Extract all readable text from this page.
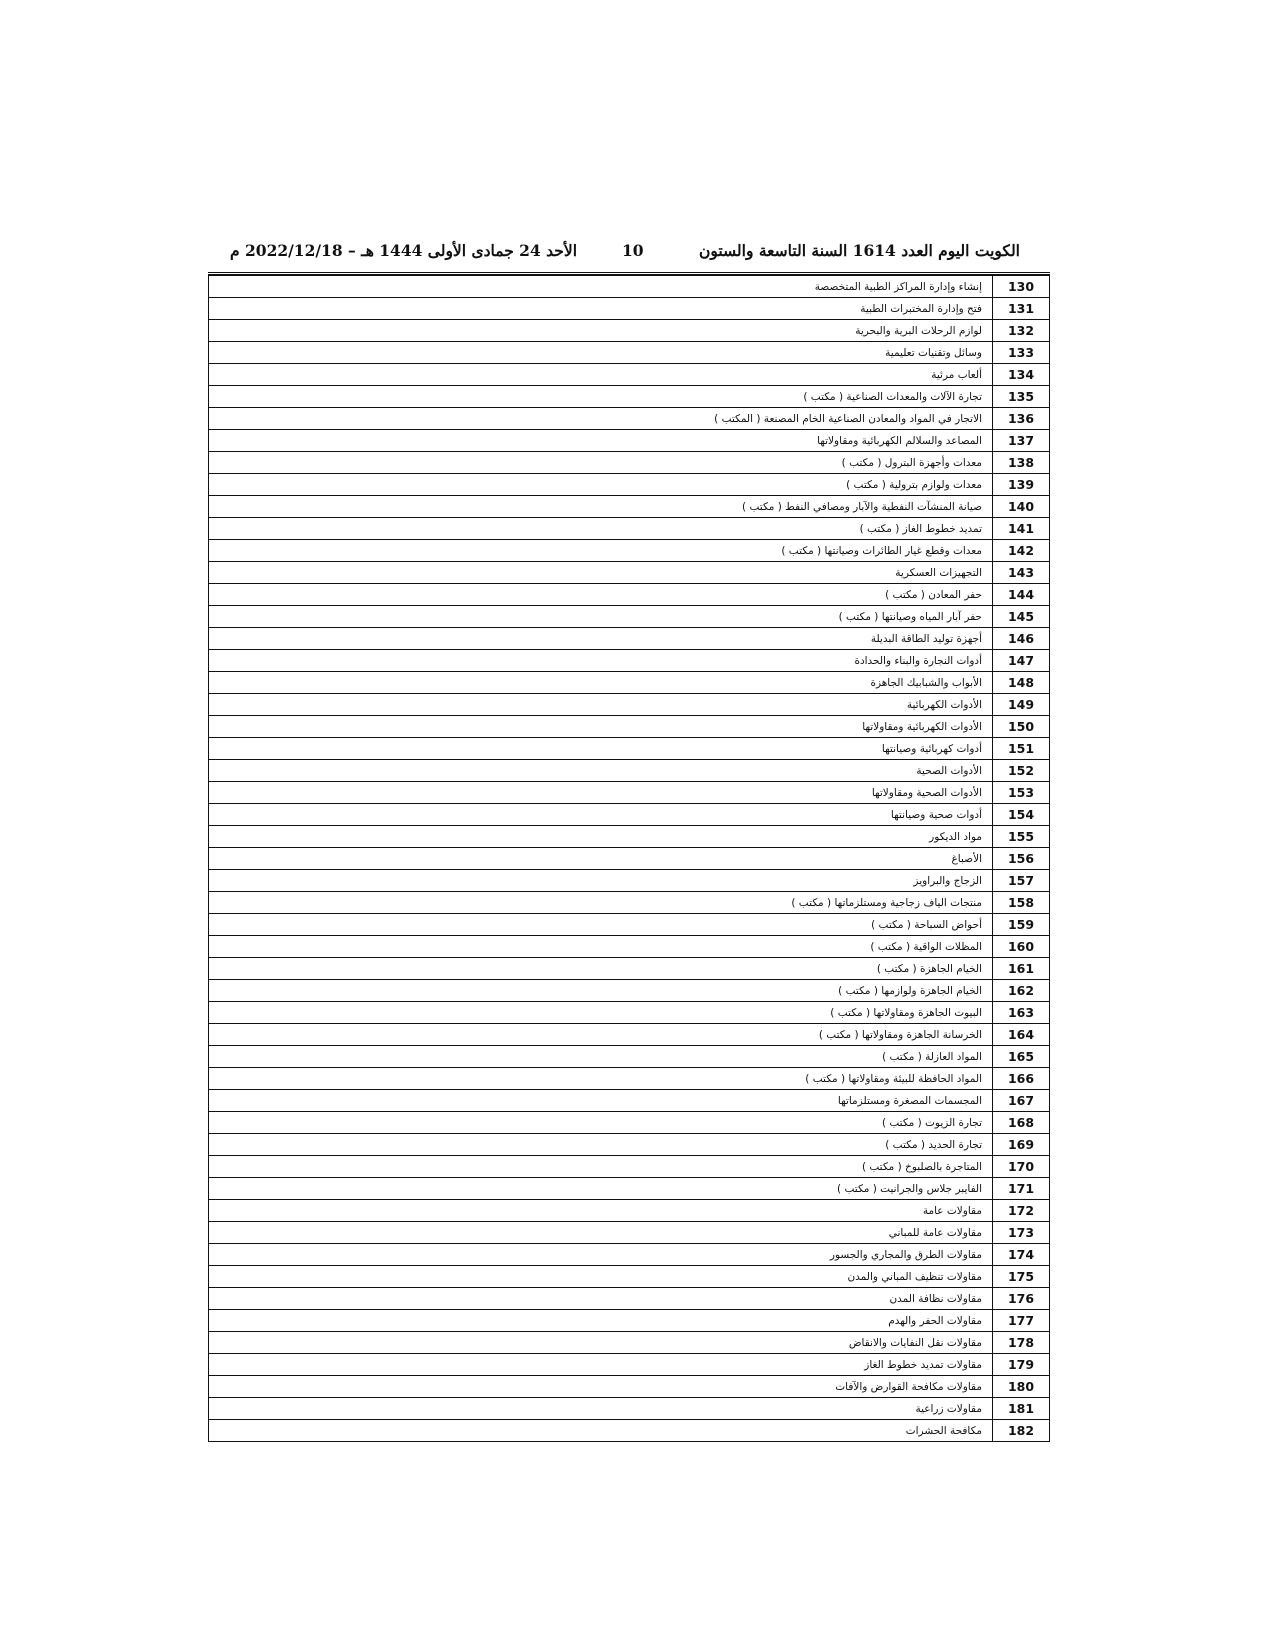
الأحد 24 جمادى الأولى 1444 هـ – 2022/12/18 م	10	الكويت اليوم العدد 1614 السنة التاسعة والستون
130	إنشاء وإدارة المراكز الطبية المتخصصة
131	فتح وإدارة المختبرات الطبية
132	لوازم الرحلات البرية والبحرية
133	وسائل وتقنيات تعليمية
134	ألعاب مرئية
135	تجارة الآلات والمعدات الصناعية ( مكتب )
136	الاتجار في المواد والمعادن الصناعية الخام المصنعة ( المكتب )
137	المصاعد والسلالم الكهربائية ومقاولاتها
138	معدات وأجهزة البترول ( مكتب )
139	معدات ولوازم بترولية ( مكتب )
140	صيانة المنشآت النفطية والآبار ومصافي النفط ( مكتب )
141	تمديد خطوط الغاز ( مكتب )
142	معدات وقطع غيار الطائرات وصيانتها ( مكتب )
143	التجهيزات العسكرية
144	حفر المعادن ( مكتب )
145	حفر آبار المياه وصيانتها ( مكتب )
146	أجهزة توليد الطاقة البديلة
147	أدوات النجارة والبناء والحدادة
148	الأبواب والشبابيك الجاهزة
149	الأدوات الكهربائية
150	الأدوات الكهربائية ومقاولاتها
151	أدوات كهربائية وصيانتها
152	الأدوات الصحية
153	الأدوات الصحية ومقاولاتها
154	أدوات صحية وصيانتها
155	مواد الديكور
156	الأصباغ
157	الزجاج والبراويز
158	منتجات الياف زجاجية ومستلزماتها ( مكتب )
159	أحواض السباحة ( مكتب )
160	المظلات الواقية ( مكتب )
161	الخيام الجاهزة ( مكتب )
162	الخيام الجاهزة ولوازمها ( مكتب )
163	البيوت الجاهزة ومقاولاتها ( مكتب )
164	الخرسانة الجاهزة ومقاولاتها ( مكتب )
165	المواد العازلة ( مكتب )
166	المواد الحافظة للبيئة ومقاولاتها ( مكتب )
167	المجسمات المصغرة ومستلزماتها
168	تجارة الزيوت ( مكتب )
169	تجارة الحديد ( مكتب )
170	المتاجرة بالصلبوخ ( مكتب )
171	الفايبر جلاس والجرانيت ( مكتب )
172	مقاولات عامة
173	مقاولات عامة للمباني
174	مقاولات الطرق والمجاري والجسور
175	مقاولات تنظيف المباني والمدن
176	مقاولات نظافة المدن
177	مقاولات الحفر والهدم
178	مقاولات نقل النفايات والانقاض
179	مقاولات تمديد خطوط الغاز
180	مقاولات مكافحة القوارض والآفات
181	مقاولات زراعية
182	مكافحة الحشرات
